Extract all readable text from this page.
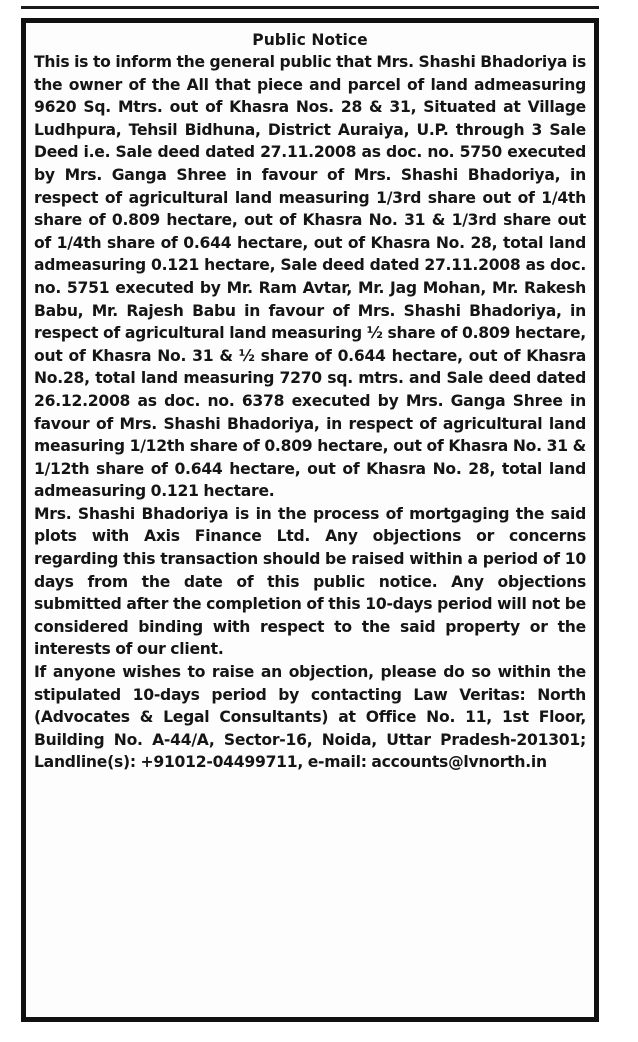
Public Notice

This is to inform the general public that Mrs. Shashi Bhadoriya is the owner of the All that piece and parcel of land admeasuring 9620 Sq. Mtrs. out of Khasra Nos. 28 & 31, Situated at Village Ludhpura, Tehsil Bidhuna, District Auraiya, U.P. through 3 Sale Deed i.e. Sale deed dated 27.11.2008 as doc. no. 5750 executed by Mrs. Ganga Shree in favour of Mrs. Shashi Bhadoriya, in respect of agricultural land measuring 1/3rd share out of 1/4th share of 0.809 hectare, out of Khasra No. 31 & 1/3rd share out of 1/4th share of 0.644 hectare, out of Khasra No. 28, total land admeasuring 0.121 hectare, Sale deed dated 27.11.2008 as doc. no. 5751 executed by Mr. Ram Avtar, Mr. Jag Mohan, Mr. Rakesh Babu, Mr. Rajesh Babu in favour of Mrs. Shashi Bhadoriya, in respect of agricultural land measuring ½ share of 0.809 hectare, out of Khasra No. 31 & ½ share of 0.644 hectare, out of Khasra No.28, total land measuring 7270 sq. mtrs. and Sale deed dated 26.12.2008 as doc. no. 6378 executed by Mrs. Ganga Shree in favour of Mrs. Shashi Bhadoriya, in respect of agricultural land measuring 1/12th share of 0.809 hectare, out of Khasra No. 31 & 1/12th share of 0.644 hectare, out of Khasra No. 28, total land admeasuring 0.121 hectare.

Mrs. Shashi Bhadoriya is in the process of mortgaging the said plots with Axis Finance Ltd. Any objections or concerns regarding this transaction should be raised within a period of 10 days from the date of this public notice. Any objections submitted after the completion of this 10-days period will not be considered binding with respect to the said property or the interests of our client.

If anyone wishes to raise an objection, please do so within the stipulated 10-days period by contacting Law Veritas: North (Advocates & Legal Consultants) at Office No. 11, 1st Floor, Building No. A-44/A, Sector-16, Noida, Uttar Pradesh-201301; Landline(s): +91012-04499711, e-mail: accounts@lvnorth.in
